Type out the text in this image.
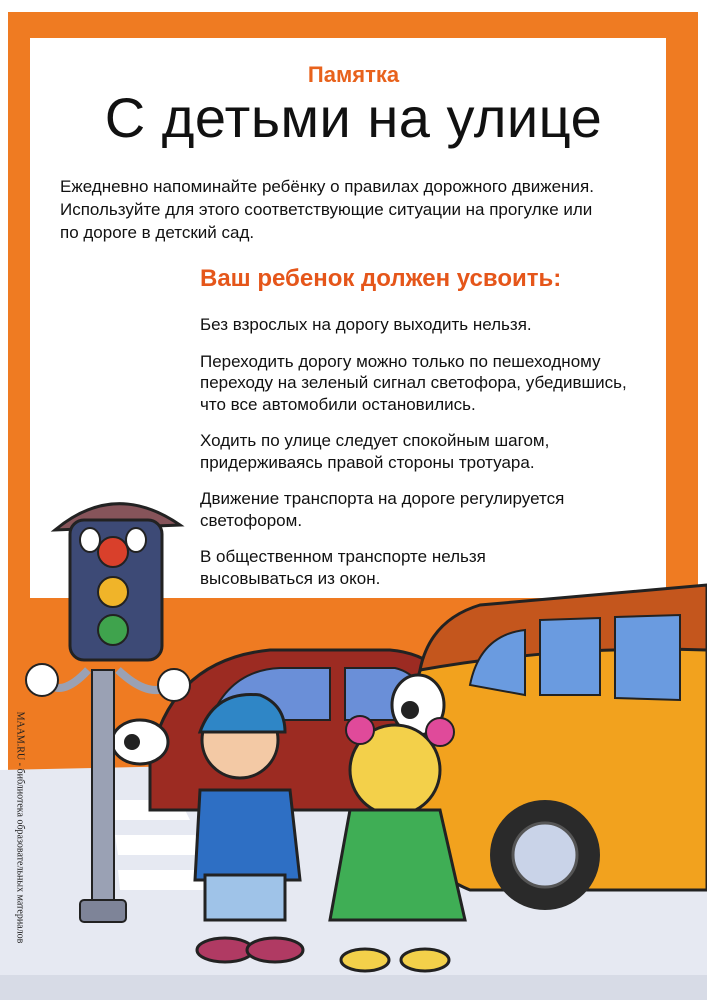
Памятка
С детьми на улице
Ежедневно напоминайте ребёнку о правилах дорожного движения.
Используйте для этого соответствующие ситуации на прогулке или
по дороге в детский сад.
Ваш ребенок должен усвоить:
Без взрослых на дорогу выходить нельзя.
Переходить дорогу можно только по пешеходному
переходу на зеленый сигнал светофора, убедившись,
что все автомобили остановились.
Ходить по улице следует спокойным шагом,
придерживаясь правой стороны тротуара.
Движение транспорта на дороге регулируется
светофором.
В общественном транспорте нельзя
высовываться из окон.
MAAM.RU - библиотека образовательных материалов
